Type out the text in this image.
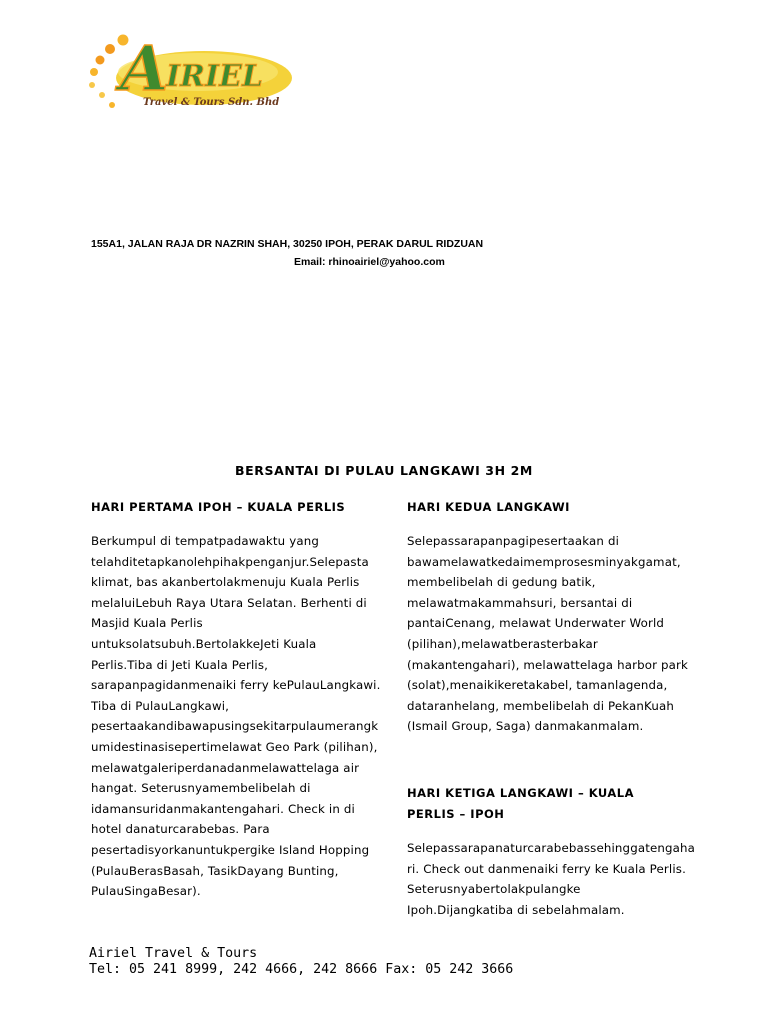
A
IRIEL
Travel & Tours Sdn. Bhd
155A1, JALAN RAJA DR NAZRIN SHAH, 30250 IPOH, PERAK DARUL RIDZUAN
Email: rhinoairiel@yahoo.com
BERSANTAI DI PULAU LANGKAWI 3H 2M
HARI PERTAMA IPOH – KUALA PERLIS

Berkumpul di tempatpadawaktu yang

telahditetapkanolehpihakpenganjur.Selepasta

klimat, bas akanbertolakmenuju Kuala Perlis

melaluiLebuh Raya Utara Selatan. Berhenti di

Masjid Kuala Perlis

untuksolatsubuh.BertolakkeJeti Kuala

Perlis.Tiba di Jeti Kuala Perlis,

sarapanpagidanmenaiki ferry kePulauLangkawi.

Tiba di PulauLangkawi,

pesertaakandibawapusingsekitarpulaumerangk

umidestinasisepertimelawat Geo Park (pilihan),

melawatgaleriperdanadanmelawattelaga air

hangat. Seterusnyamembelibelah di

idamansuridanmakantengahari. Check in di

hotel danaturcarabebas. Para

pesertadisyorkanuntukpergike Island Hopping

(PulauBerasBasah, TasikDayang Bunting,

PulauSingaBesar).

HARI KEDUA LANGKAWI

Selepassarapanpagipesertaakan di

bawamelawatkedaimemprosesminyakgamat,

membelibelah di gedung batik,

melawatmakammahsuri, bersantai di

pantaiCenang, melawat Underwater World

(pilihan),melawatberasterbakar

(makantengahari), melawattelaga harbor park

(solat),menaikikeretakabel, tamanlagenda,

dataranhelang, membelibelah di PekanKuah

(Ismail Group, Saga) danmakanmalam.

HARI KETIGA LANGKAWI – KUALA
PERLIS – IPOH

Selepassarapanaturcarabebassehinggatengaha

ri. Check out danmenaiki ferry ke Kuala Perlis.

Seterusnyabertolakpulangke

Ipoh.Dijangkatiba di sebelahmalam.

Airiel Travel & Tours
Tel: 05 241 8999, 242 4666, 242 8666 Fax: 05 242 3666
